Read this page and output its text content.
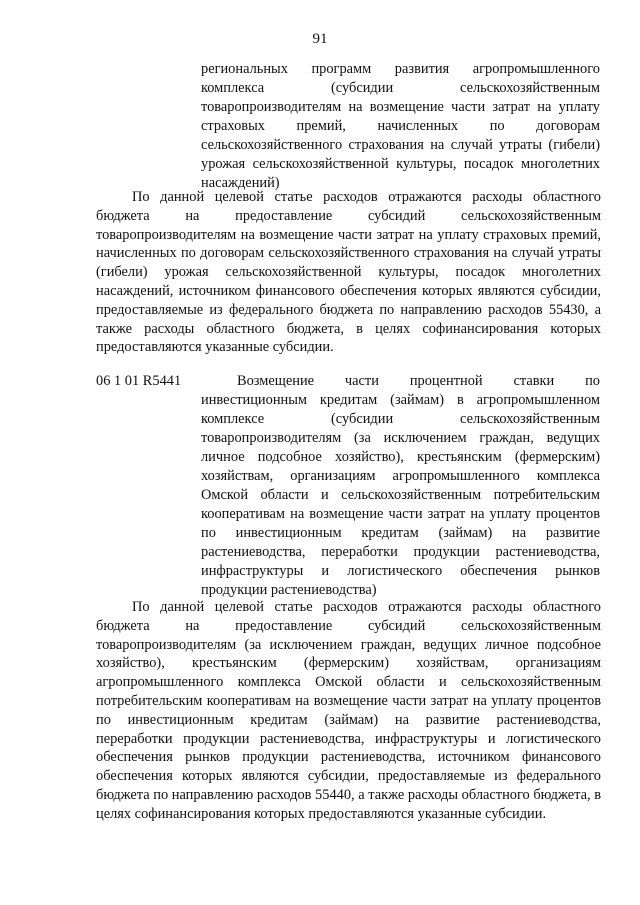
91
региональных программ развития агропромышленного комплекса (субсидии сельскохозяйственным товаропроизводителям на возмещение части затрат на уплату страховых премий, начисленных по договорам сельскохозяйственного страхования на случай утраты (гибели) урожая сельскохозяйственной культуры, посадок многолетних насаждений)
По данной целевой статье расходов отражаются расходы областного бюджета на предоставление субсидий сельскохозяйственным товаропроизводителям на возмещение части затрат на уплату страховых премий, начисленных по договорам сельскохозяйственного страхования на случай утраты (гибели) урожая сельскохозяйственной культуры, посадок многолетних насаждений, источником финансового обеспечения которых являются субсидии, предоставляемые из федерального бюджета по направлению расходов 55430, а также расходы областного бюджета, в целях софинансирования которых предоставляются указанные субсидии.
06 1 01 R5441	Возмещение части процентной ставки по инвестиционным кредитам (займам) в агропромышленном комплексе (субсидии сельскохозяйственным товаропроизводителям (за исключением граждан, ведущих личное подсобное хозяйство), крестьянским (фермерским) хозяйствам, организациям агропромышленного комплекса Омской области и сельскохозяйственным потребительским кооперативам на возмещение части затрат на уплату процентов по инвестиционным кредитам (займам) на развитие растениеводства, переработки продукции растениеводства, инфраструктуры и логистического обеспечения рынков продукции растениеводства)
По данной целевой статье расходов отражаются расходы областного бюджета на предоставление субсидий сельскохозяйственным товаропроизводителям (за исключением граждан, ведущих личное подсобное хозяйство), крестьянским (фермерским) хозяйствам, организациям агропромышленного комплекса Омской области и сельскохозяйственным потребительским кооперативам на возмещение части затрат на уплату процентов по инвестиционным кредитам (займам) на развитие растениеводства, переработки продукции растениеводства, инфраструктуры и логистического обеспечения рынков продукции растениеводства, источником финансового обеспечения которых являются субсидии, предоставляемые из федерального бюджета по направлению расходов 55440, а также расходы областного бюджета, в целях софинансирования которых предоставляются указанные субсидии.
